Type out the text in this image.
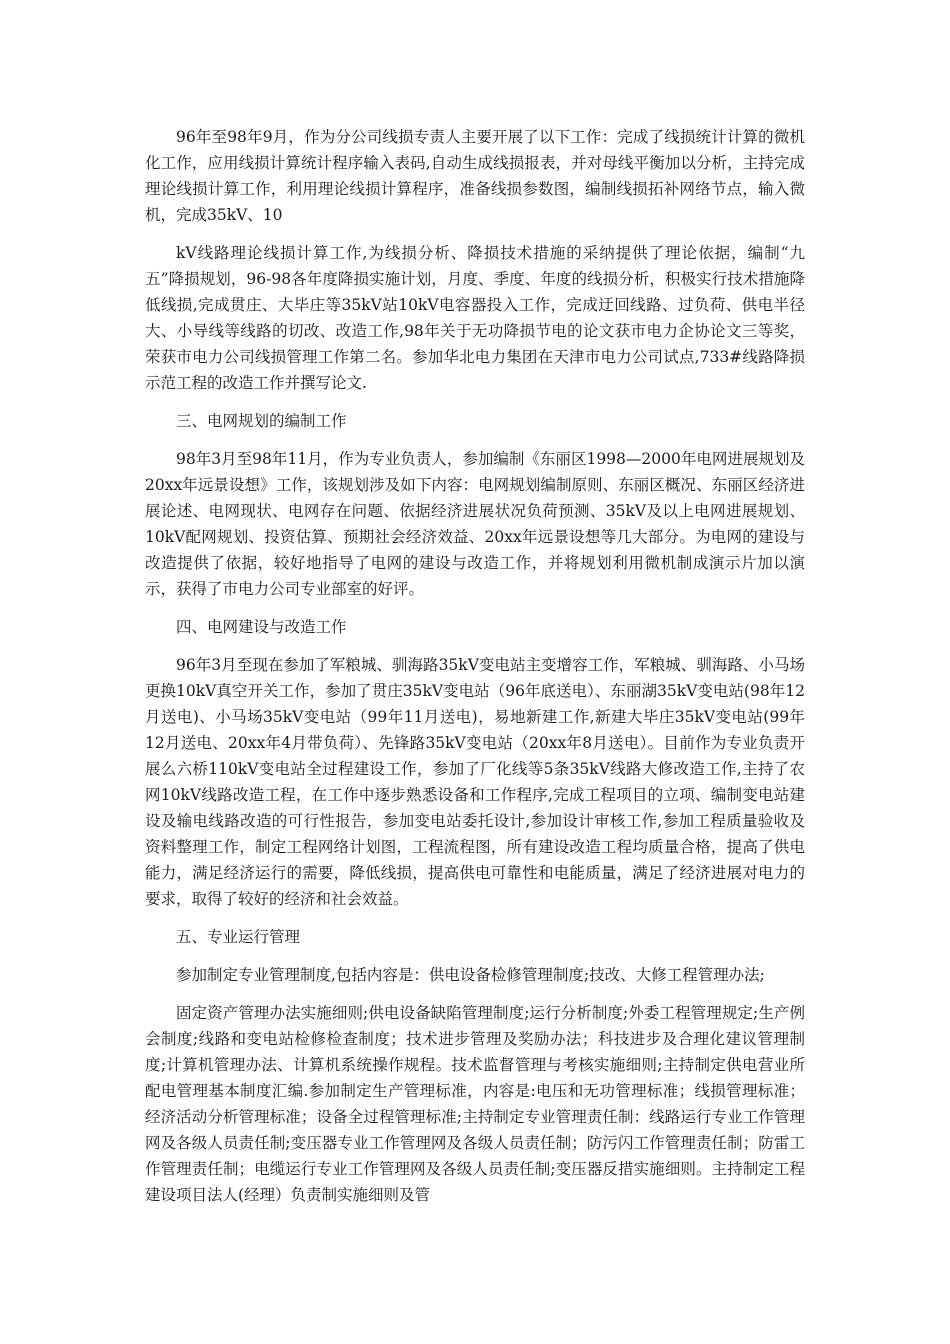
96年至98年9月，作为分公司线损专责人主要开展了以下工作：完成了线损统计计算的微机化工作，应用线损计算统计程序输入表码,自动生成线损报表，并对母线平衡加以分析，主持完成理论线损计算工作，利用理论线损计算程序，准备线损参数图，编制线损拓补网络节点，输入微机，完成35kV、10

kV线路理论线损计算工作,为线损分析、降损技术措施的采纳提供了理论依据，编制“九五”降损规划，96-98各年度降损实施计划，月度、季度、年度的线损分析，积极实行技术措施降低线损,完成贯庄、大毕庄等35kV站10kV电容器投入工作，完成迂回线路、过负荷、供电半径大、小导线等线路的切改、改造工作,98年关于无功降损节电的论文获市电力企协论文三等奖，荣获市电力公司线损管理工作第二名。参加华北电力集团在天津市电力公司试点,733#线路降损示范工程的改造工作并撰写论文.

三、电网规划的编制工作

98年3月至98年11月，作为专业负责人，参加编制《东丽区1998—2000年电网进展规划及20xx年远景设想》工作，该规划涉及如下内容：电网规划编制原则、东丽区概况、东丽区经济进展论述、电网现状、电网存在问题、依据经济进展状况负荷预测、35kV及以上电网进展规划、10kV配网规划、投资估算、预期社会经济效益、20xx年远景设想等几大部分。为电网的建设与改造提供了依据，较好地指导了电网的建设与改造工作，并将规划利用微机制成演示片加以演示，获得了市电力公司专业部室的好评。

四、电网建设与改造工作

96年3月至现在参加了军粮城、驯海路35kV变电站主变增容工作，军粮城、驯海路、小马场更换10kV真空开关工作，参加了贯庄35kV变电站（96年底送电）、东丽湖35kV变电站(98年12月送电)、小马场35kV变电站（99年11月送电)，易地新建工作,新建大毕庄35kV变电站(99年12月送电、20xx年4月带负荷）、先锋路35kV变电站（20xx年8月送电）。目前作为专业负责开展么六桥110kV变电站全过程建设工作，参加了厂化线等5条35kV线路大修改造工作,主持了农网10kV线路改造工程，在工作中逐步熟悉设备和工作程序,完成工程项目的立项、编制变电站建设及输电线路改造的可行性报告，参加变电站委托设计,参加设计审核工作,参加工程质量验收及资料整理工作，制定工程网络计划图，工程流程图，所有建设改造工程均质量合格，提高了供电能力，满足经济运行的需要，降低线损，提高供电可靠性和电能质量，满足了经济进展对电力的要求，取得了较好的经济和社会效益。

五、专业运行管理

参加制定专业管理制度,包括内容是：供电设备检修管理制度;技改、大修工程管理办法;

固定资产管理办法实施细则;供电设备缺陷管理制度;运行分析制度;外委工程管理规定;生产例会制度;线路和变电站检修检查制度；技术进步管理及奖励办法；科技进步及合理化建议管理制度;计算机管理办法、计算机系统操作规程。技术监督管理与考核实施细则;主持制定供电营业所配电管理基本制度汇编.参加制定生产管理标准，内容是:电压和无功管理标准；线损管理标准；经济活动分析管理标准；设备全过程管理标准;主持制定专业管理责任制：线路运行专业工作管理网及各级人员责任制;变压器专业工作管理网及各级人员责任制；防污闪工作管理责任制；防雷工作管理责任制；电缆运行专业工作管理网及各级人员责任制;变压器反措实施细则。主持制定工程建设项目法人(经理）负责制实施细则及管
